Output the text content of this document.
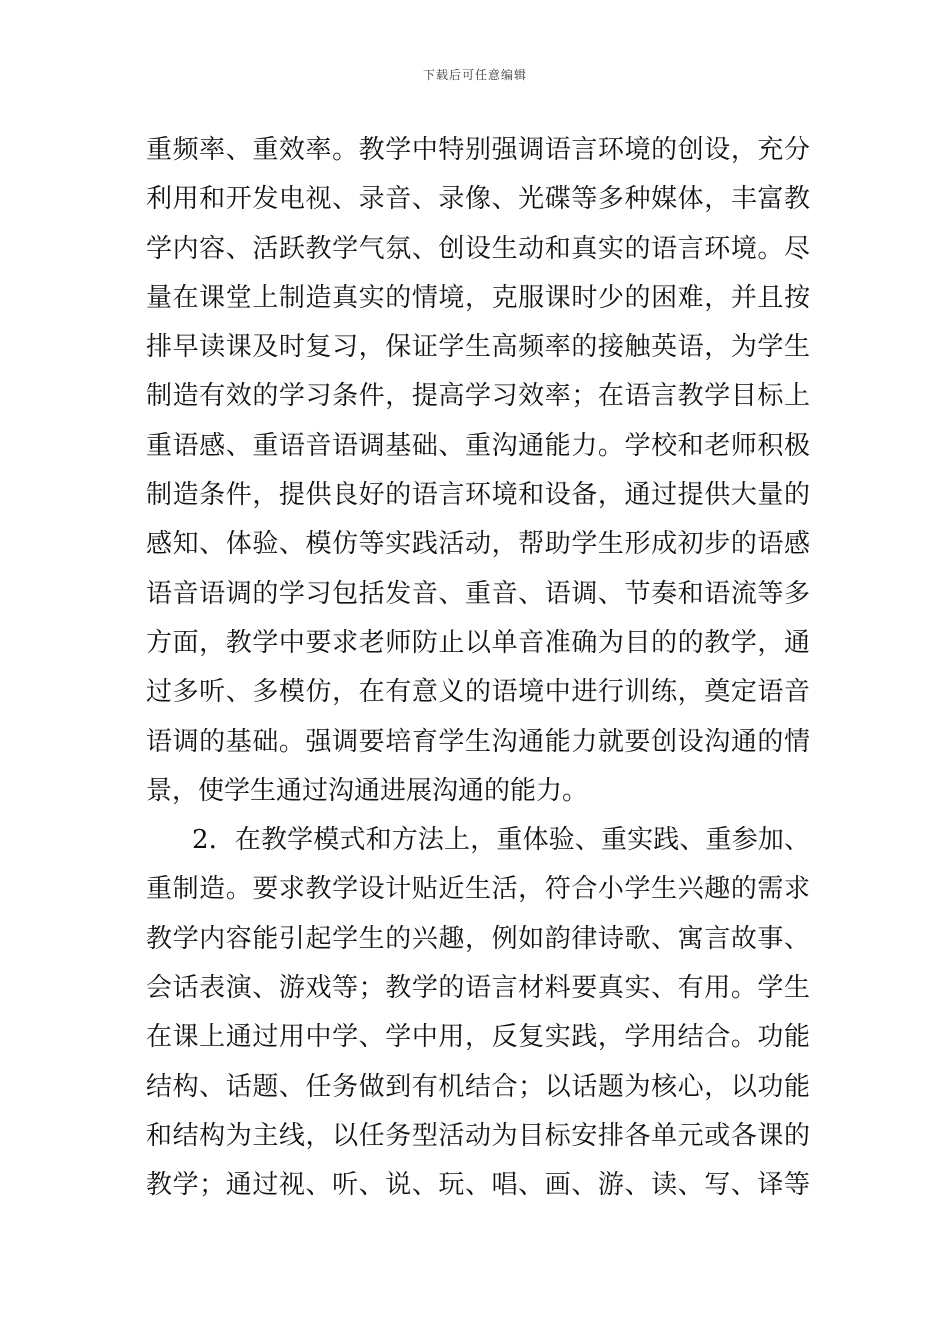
下载后可任意编辑
重频率、重效率。教学中特别强调语言环境的创设，充分
利用和开发电视、录音、录像、光碟等多种媒体，丰富教
学内容、活跃教学气氛、创设生动和真实的语言环境。尽
量在课堂上制造真实的情境，克服课时少的困难，并且按
排早读课及时复习，保证学生高频率的接触英语，为学生
制造有效的学习条件，提高学习效率；在语言教学目标上
重语感、重语音语调基础、重沟通能力。学校和老师积极
制造条件，提供良好的语言环境和设备，通过提供大量的
感知、体验、模仿等实践活动，帮助学生形成初步的语感
语音语调的学习包括发音、重音、语调、节奏和语流等多
方面，教学中要求老师防止以单音准确为目的的教学，通
过多听、多模仿，在有意义的语境中进行训练，奠定语音
语调的基础。强调要培育学生沟通能力就要创设沟通的情
景，使学生通过沟通进展沟通的能力。
2．在教学模式和方法上，重体验、重实践、重参加、
重制造。要求教学设计贴近生活，符合小学生兴趣的需求
教学内容能引起学生的兴趣，例如韵律诗歌、寓言故事、
会话表演、游戏等；教学的语言材料要真实、有用。学生
在课上通过用中学、学中用，反复实践，学用结合。功能
结构、话题、任务做到有机结合；以话题为核心，以功能
和结构为主线，以任务型活动为目标安排各单元或各课的
教学；通过视、听、说、玩、唱、画、游、读、写、译等
